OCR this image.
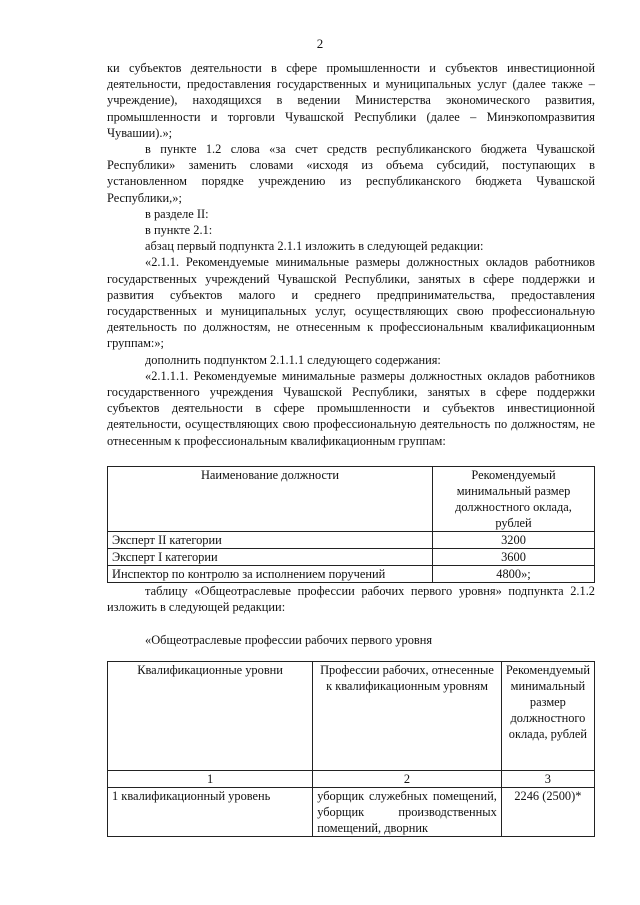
2

ки субъектов деятельности в сфере промышленности и субъектов инвестиционной деятельности, предоставления государственных и муниципальных услуг (далее также – учреждение), находящихся в ведении Министерства экономического развития, промышленности и торговли Чувашской Республики (далее – Минэкопомразвития Чувашии).»;

в пункте 1.2 слова «за счет средств республиканского бюджета Чувашской Республики» заменить словами «исходя из объема субсидий, поступающих в установленном порядке учреждению из республиканского бюджета Чувашской Республики,»;

в разделе II:

в пункте 2.1:

абзац первый подпункта 2.1.1 изложить в следующей редакции:

«2.1.1. Рекомендуемые минимальные размеры должностных окладов работников государственных учреждений Чувашской Республики, занятых в сфере поддержки и развития субъектов малого и среднего предпринимательства, предоставления государственных и муниципальных услуг, осуществляющих свою профессиональную деятельность по должностям, не отнесенным к профессиональным квалификационным группам:»;

дополнить подпунктом 2.1.1.1 следующего содержания:

«2.1.1.1. Рекомендуемые минимальные размеры должностных окладов работников государственного учреждения Чувашской Республики, занятых в сфере поддержки субъектов деятельности в сфере промышленности и субъектов инвестиционной деятельности, осуществляющих свою профессиональную деятельность по должностям, не отнесенным к профессиональным квалификационным группам:

Наименование должности	Рекомендуемый минимальный размер должностного оклада, рублей
Эксперт II категории	3200
Эксперт I категории	3600
Инспектор по контролю за исполнением поручений	4800»;

таблицу «Общеотраслевые профессии рабочих первого уровня» подпункта 2.1.2 изложить в следующей редакции:

«Общеотраслевые профессии рабочих первого уровня

Квалификационные уровни	Профессии рабочих, отнесенные к квалификационным уровням	Рекомендуемый минимальный размер должностного оклада, рублей
1	2	3
1 квалификационный уровень	уборщик служебных помещений, уборщик производственных помещений, дворник	2246 (2500)*
